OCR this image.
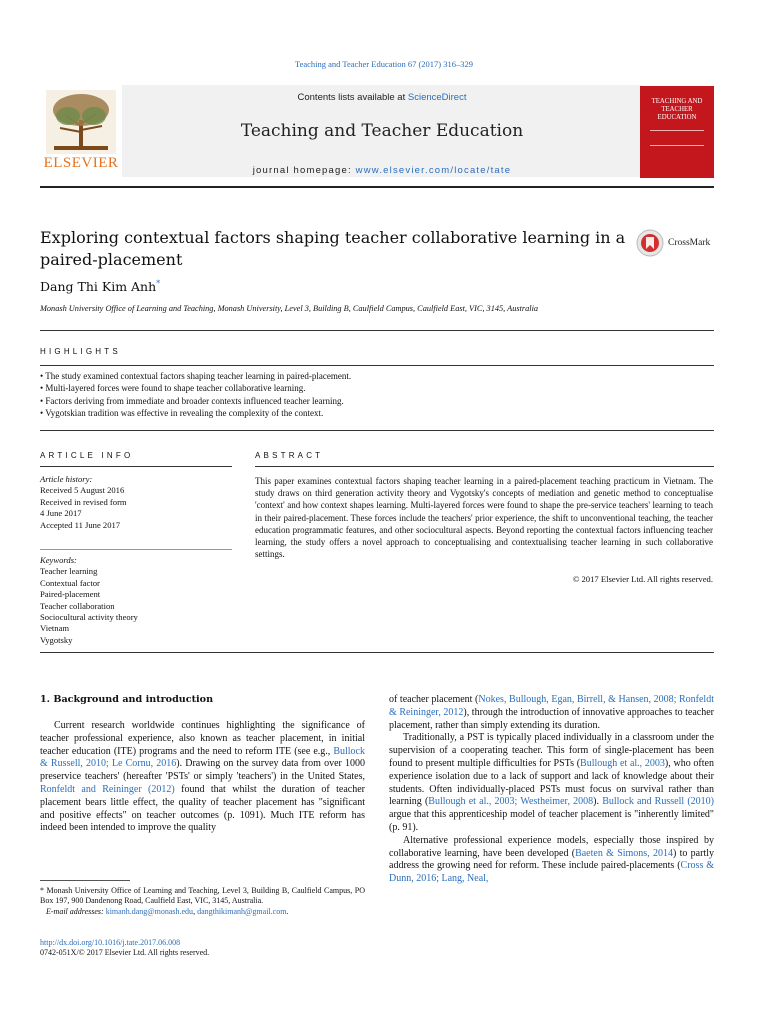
Teaching and Teacher Education 67 (2017) 316–329
ELSEVIER
Contents lists available at ScienceDirect
Teaching and Teacher Education
journal homepage: www.elsevier.com/locate/tate
TEACHING AND TEACHER EDUCATION
Exploring contextual factors shaping teacher collaborative learning in a paired-placement
CrossMark
Dang Thi Kim Anh*
Monash University Office of Learning and Teaching, Monash University, Level 3, Building B, Caulfield Campus, Caulfield East, VIC, 3145, Australia
HIGHLIGHTS
• The study examined contextual factors shaping teacher learning in paired-placement.
• Multi-layered forces were found to shape teacher collaborative learning.
• Factors deriving from immediate and broader contexts influenced teacher learning.
• Vygotskian tradition was effective in revealing the complexity of the context.
ARTICLE INFO
Article history:
Received 5 August 2016
Received in revised form
4 June 2017
Accepted 11 June 2017
Keywords:
Teacher learning
Contextual factor
Paired-placement
Teacher collaboration
Sociocultural activity theory
Vietnam
Vygotsky
ABSTRACT
This paper examines contextual factors shaping teacher learning in a paired-placement teaching practicum in Vietnam. The study draws on third generation activity theory and Vygotsky's concepts of mediation and genetic method to conceptualise 'context' and how context shapes learning. Multi-layered forces were found to shape the pre-service teachers' learning to teach in their paired-placement. These forces include the teachers' prior experience, the shift to unconventional teaching, the teacher education programmatic features, and other sociocultural aspects. Beyond reporting the contextual factors influencing teacher learning, the study offers a novel approach to conceptualising and contextualising teacher learning in such collaborative settings.
© 2017 Elsevier Ltd. All rights reserved.
1. Background and introduction

Current research worldwide continues highlighting the significance of teacher professional experience, also known as teacher placement, in initial teacher education (ITE) programs and the need to reform ITE (see e.g., Bullock & Russell, 2010; Le Cornu, 2016). Drawing on the survey data from over 1000 preservice teachers' (hereafter 'PSTs' or simply 'teachers') in the United States, Ronfeldt and Reininger (2012) found that whilst the duration of teacher placement bears little effect, the quality of teacher placement has "significant and positive effects" on teacher outcomes (p. 1091). Much ITE reform has indeed been intended to improve the quality

of teacher placement (Nokes, Bullough, Egan, Birrell, & Hansen, 2008; Ronfeldt & Reininger, 2012), through the introduction of innovative approaches to teacher placement, rather than simply extending its duration.

Traditionally, a PST is typically placed individually in a classroom under the supervision of a cooperating teacher. This form of single-placement has been found to present multiple difficulties for PSTs (Bullough et al., 2003), who often experience isolation due to a lack of support and lack of knowledge about their students. Often individually-placed PSTs must focus on survival rather than learning (Bullough et al., 2003; Westheimer, 2008). Bullock and Russell (2010) argue that this apprenticeship model of teacher placement is "inherently limited" (p. 91).

Alternative professional experience models, especially those inspired by collaborative learning, have been developed (Baeten & Simons, 2014) to partly address the growing need for reform. These include paired-placements (Cross & Dunn, 2016; Lang, Neal,

* Monash University Office of Learning and Teaching, Level 3, Building B, Caulfield Campus, PO Box 197, 900 Dandenong Road, Caulfield East, VIC, 3145, Australia.
E-mail addresses: kimanh.dang@monash.edu, dangthikimanh@gmail.com.
http://dx.doi.org/10.1016/j.tate.2017.06.008
0742-051X/© 2017 Elsevier Ltd. All rights reserved.
